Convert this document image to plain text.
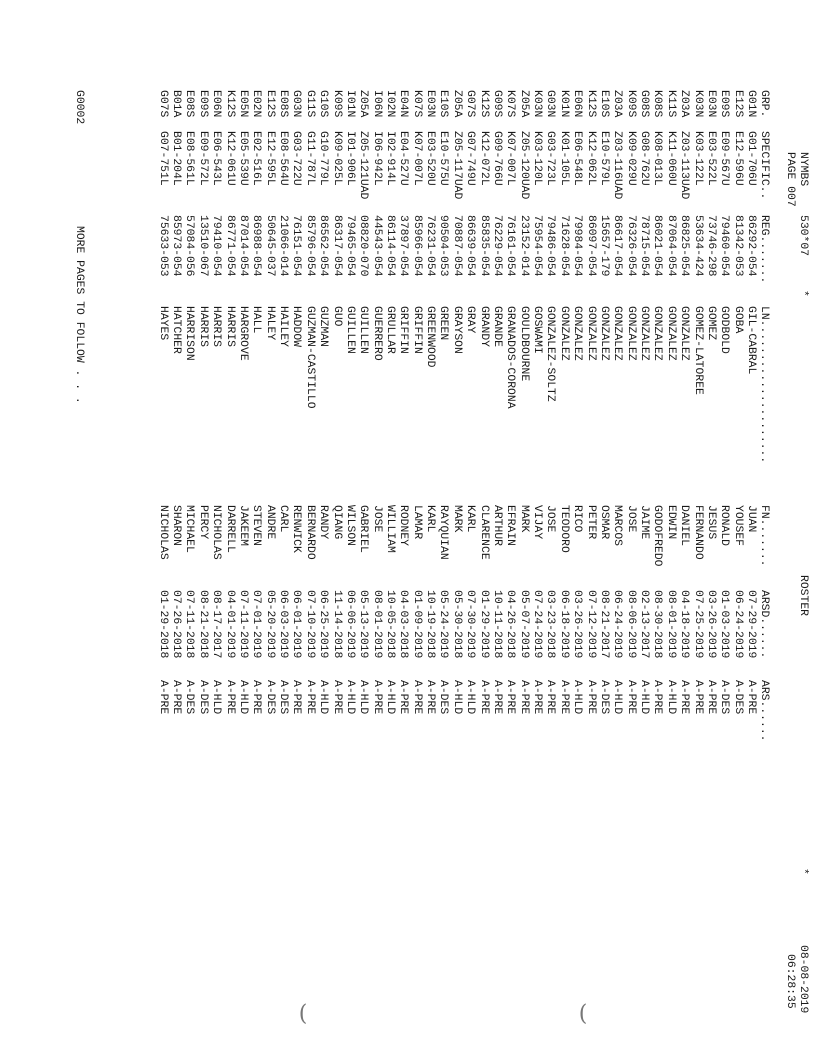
NYMBS
530*07
*
ROSTER
*
08-08-2019
PAGE 007
06:28:35
GRP.
SPECIFIC..
REG.......
LN.....................
FN.......
ARSD......
ARS......
G01N
G01-706U
86292-054
GIL-CABRAL
JUAN
07-29-2019
A-PRE
E12S
E12-596U
81342-053
GOBA
YOUSEF
06-24-2019
A-DES
E09S
E09-567U
79460-054
GODBOLD
RONALD
01-03-2019
A-DES
E03N
E03-522L
73746-298
GOMEZ
JESUS
03-26-2019
A-PRE
K03N
K03-122L
53634-424
GOMEZ-LATOREE
FERNANDO
07-25-2019
A-PRE
Z03A
Z03-113UAD
86825-054
GONZALEZ
DANIEL
04-18-2019
A-PRE
K11S
K11-060U
87064-054
GONZALEZ
EDWIN
08-01-2019
A-HLD
K08S
K08-013L
86021-054
GONZALEZ
GODOFREDO
08-30-2018
A-PRE
G08S
G08-762U
78715-054
GONZALEZ
JAIME
02-13-2017
A-HLD
K09S
K09-029U
76326-054
GONZALEZ
JOSE
08-06-2019
A-PRE
Z03A
Z03-116UAD
86617-054
GONZALEZ
MARCOS
06-24-2019
A-HLD
E10S
E10-579L
15657-179
GONZALEZ
OSMAR
08-21-2017
A-DES
K12S
K12-062L
86097-054
GONZALEZ
PETER
07-12-2019
A-PRE
E06N
E06-548L
79984-054
GONZALEZ
RICO
03-26-2019
A-HLD
K01N
K01-105L
71628-054
GONZALEZ
TEODORO
06-18-2019
A-PRE
G03N
G03-723L
79486-054
GONZALEZ-SOLTZ
JOSE
03-23-2018
A-PRE
K03N
K03-120L
75954-054
GOSWAMI
VIJAY
07-24-2019
A-PRE
Z05A
Z05-120UAD
23152-014
GOULDBOURNE
MARK
05-07-2019
A-PRE
K07S
K07-007L
76161-054
GRANADOS-CORONA
EFRAIN
04-26-2018
A-PRE
G09S
G09-766U
76229-054
GRANDE
ARTHUR
10-11-2018
A-PRE
K12S
K12-072L
85835-054
GRANDY
CLARENCE
01-29-2019
A-PRE
G07S
G07-749U
86639-054
GRAY
KARL
07-30-2019
A-HLD
Z05A
Z05-117UAD
70887-054
GRAYSON
MARK
05-30-2018
A-HLD
E10S
E10-575U
90504-053
GREEN
RAYQUIAN
05-24-2019
A-DES
E03N
E03-520U
76231-054
GREENWOOD
KARL
10-19-2018
A-PRE
K07S
K07-007L
85966-054
GRIFFIN
LAMAR
01-09-2019
A-PRE
E04N
E04-527U
37897-054
GRIFFIN
RODNEY
04-03-2018
A-PRE
I02N
I02-914L
86114-054
GRULLAR
WILLIAM
10-05-2018
A-HLD
I06N
I06-942L
44543-054
GUERRERO
JOSE
08-01-2019
A-PRE
Z05A
Z05-121UAD
08820-070
GUILLEN
GABRIEL
05-13-2019
A-HLD
I01N
I01-906L
79465-054
GUILLEN
WILSON
06-06-2019
A-HLD
K09S
K09-025L
86317-054
GUO
QIANG
11-14-2018
A-PRE
G10S
G10-779L
86562-054
GUZMAN
RANDY
06-25-2019
A-HLD
G11S
G11-787L
85796-054
GUZMAN-CASTILLO
BERNARDO
07-10-2019
A-PRE
G03N
G03-722U
76151-054
HADDOW
RENWICK
06-01-2019
A-PRE
E08S
E08-564U
21066-014
HAILEY
CARL
06-03-2019
A-DES
E12S
E12-595L
50645-037
HALEY
ANDRE
05-20-2019
A-DES
E02N
E02-516L
86988-054
HALL
STEVEN
07-01-2019
A-PRE
E05N
E05-539U
87014-054
HARGROVE
JAKEEM
07-11-2019
A-HLD
K12S
K12-061U
86771-054
HARRIS
DARRELL
04-01-2019
A-PRE
E06N
E06-543L
79410-054
HARRIS
NICHOLAS
08-17-2017
A-HLD
E09S
E09-572L
13510-067
HARRIS
PERCY
08-21-2018
A-DES
E08S
E08-561L
57084-056
HARRISON
MICHAEL
07-11-2018
A-DES
B01A
B01-204L
85973-054
HATCHER
SHARON
07-26-2018
A-PRE
G07S
G07-751L
75633-053
HAYES
NICHOLAS
01-29-2018
A-PRE
G0002
MORE PAGES TO FOLLOW . . .
(
(
